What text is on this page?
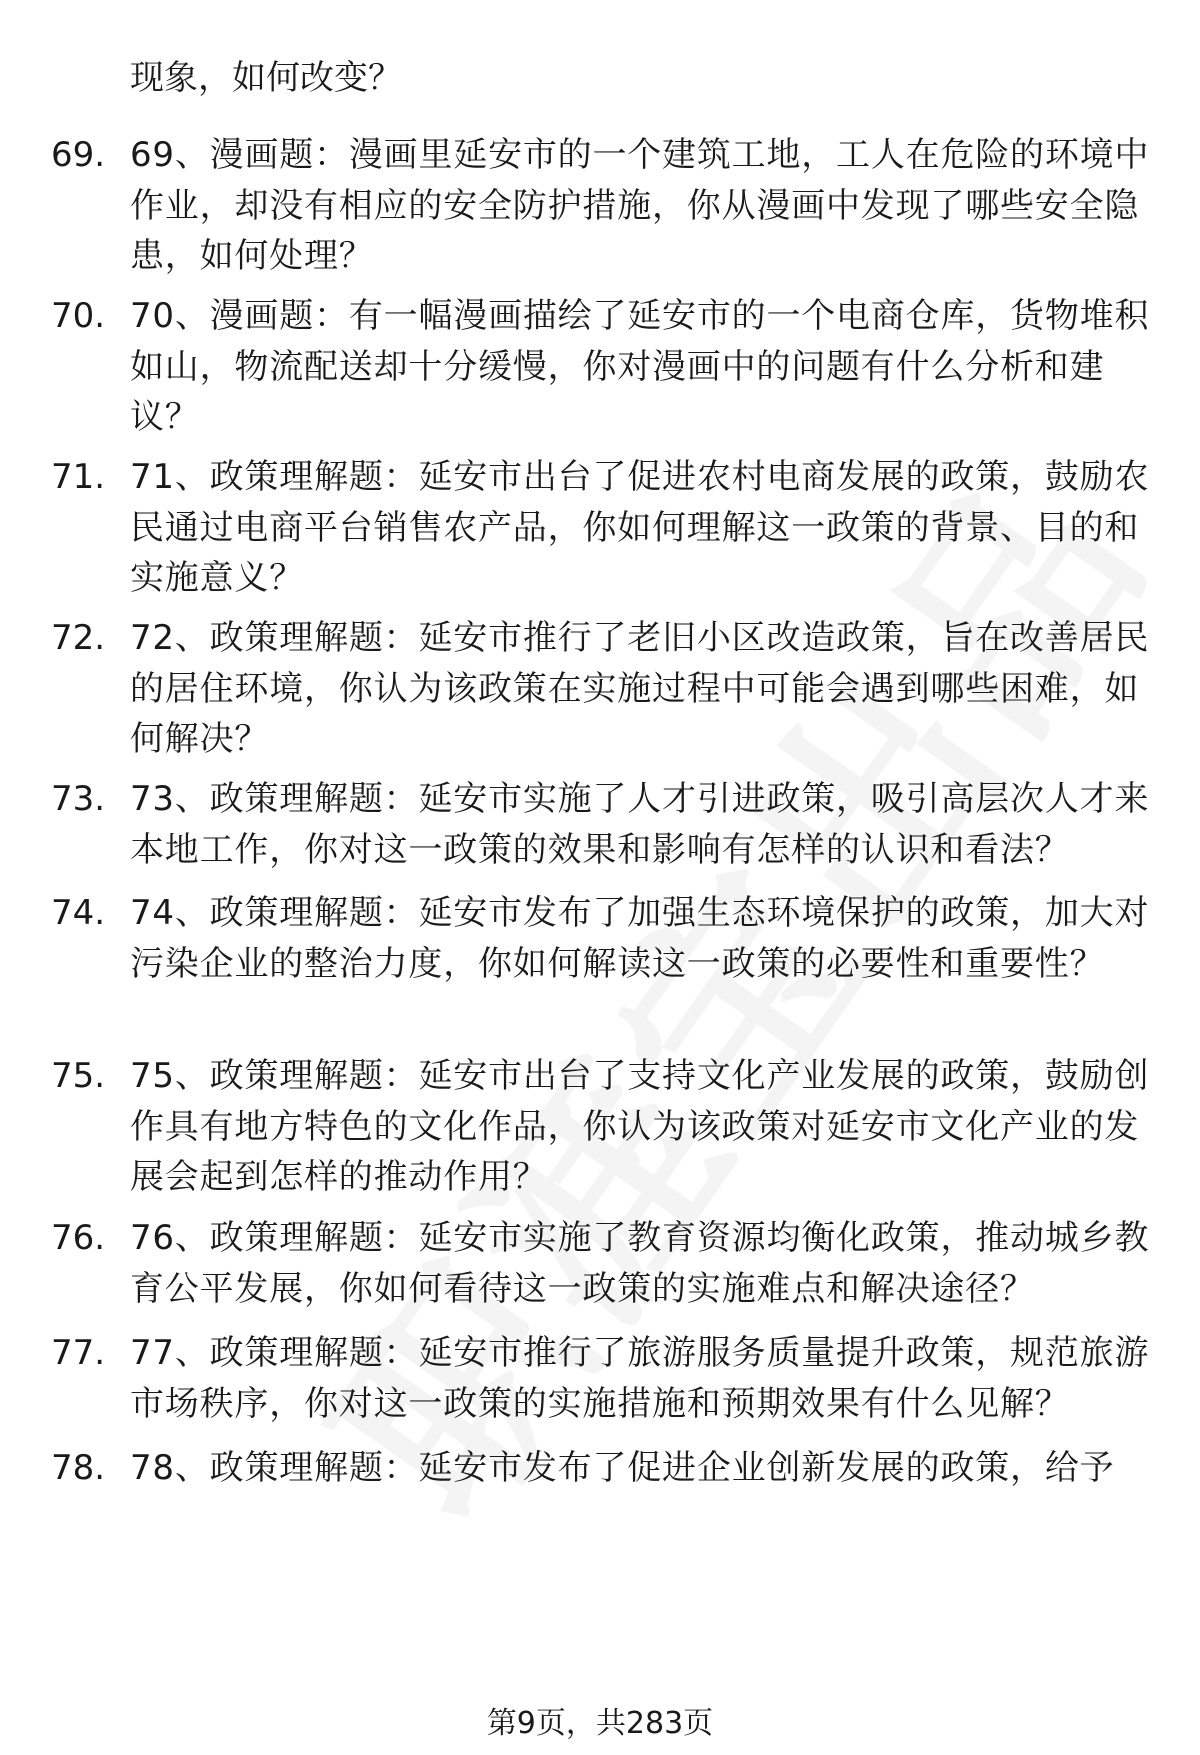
现象，如何改变？
69. 69、漫画题：漫画里延安市的一个建筑工地，工人在危险的环境中作业，却没有相应的安全防护措施，你从漫画中发现了哪些安全隐患，如何处理？
70. 70、漫画题：有一幅漫画描绘了延安市的一个电商仓库，货物堆积如山，物流配送却十分缓慢，你对漫画中的问题有什么分析和建议？
71. 71、政策理解题：延安市出台了促进农村电商发展的政策，鼓励农民通过电商平台销售农产品，你如何理解这一政策的背景、目的和实施意义？
72. 72、政策理解题：延安市推行了老旧小区改造政策，旨在改善居民的居住环境，你认为该政策在实施过程中可能会遇到哪些困难，如何解决？
73. 73、政策理解题：延安市实施了人才引进政策，吸引高层次人才来本地工作，你对这一政策的效果和影响有怎样的认识和看法？
74. 74、政策理解题：延安市发布了加强生态环境保护的政策，加大对污染企业的整治力度，你如何解读这一政策的必要性和重要性？
75. 75、政策理解题：延安市出台了支持文化产业发展的政策，鼓励创作具有地方特色的文化作品，你认为该政策对延安市文化产业的发展会起到怎样的推动作用？
76. 76、政策理解题：延安市实施了教育资源均衡化政策，推动城乡教育公平发展，你如何看待这一政策的实施难点和解决途径？
77. 77、政策理解题：延安市推行了旅游服务质量提升政策，规范旅游市场秩序，你对这一政策的实施措施和预期效果有什么见解？
78. 78、政策理解题：延安市发布了促进企业创新发展的政策，给予
第9页，共283页
